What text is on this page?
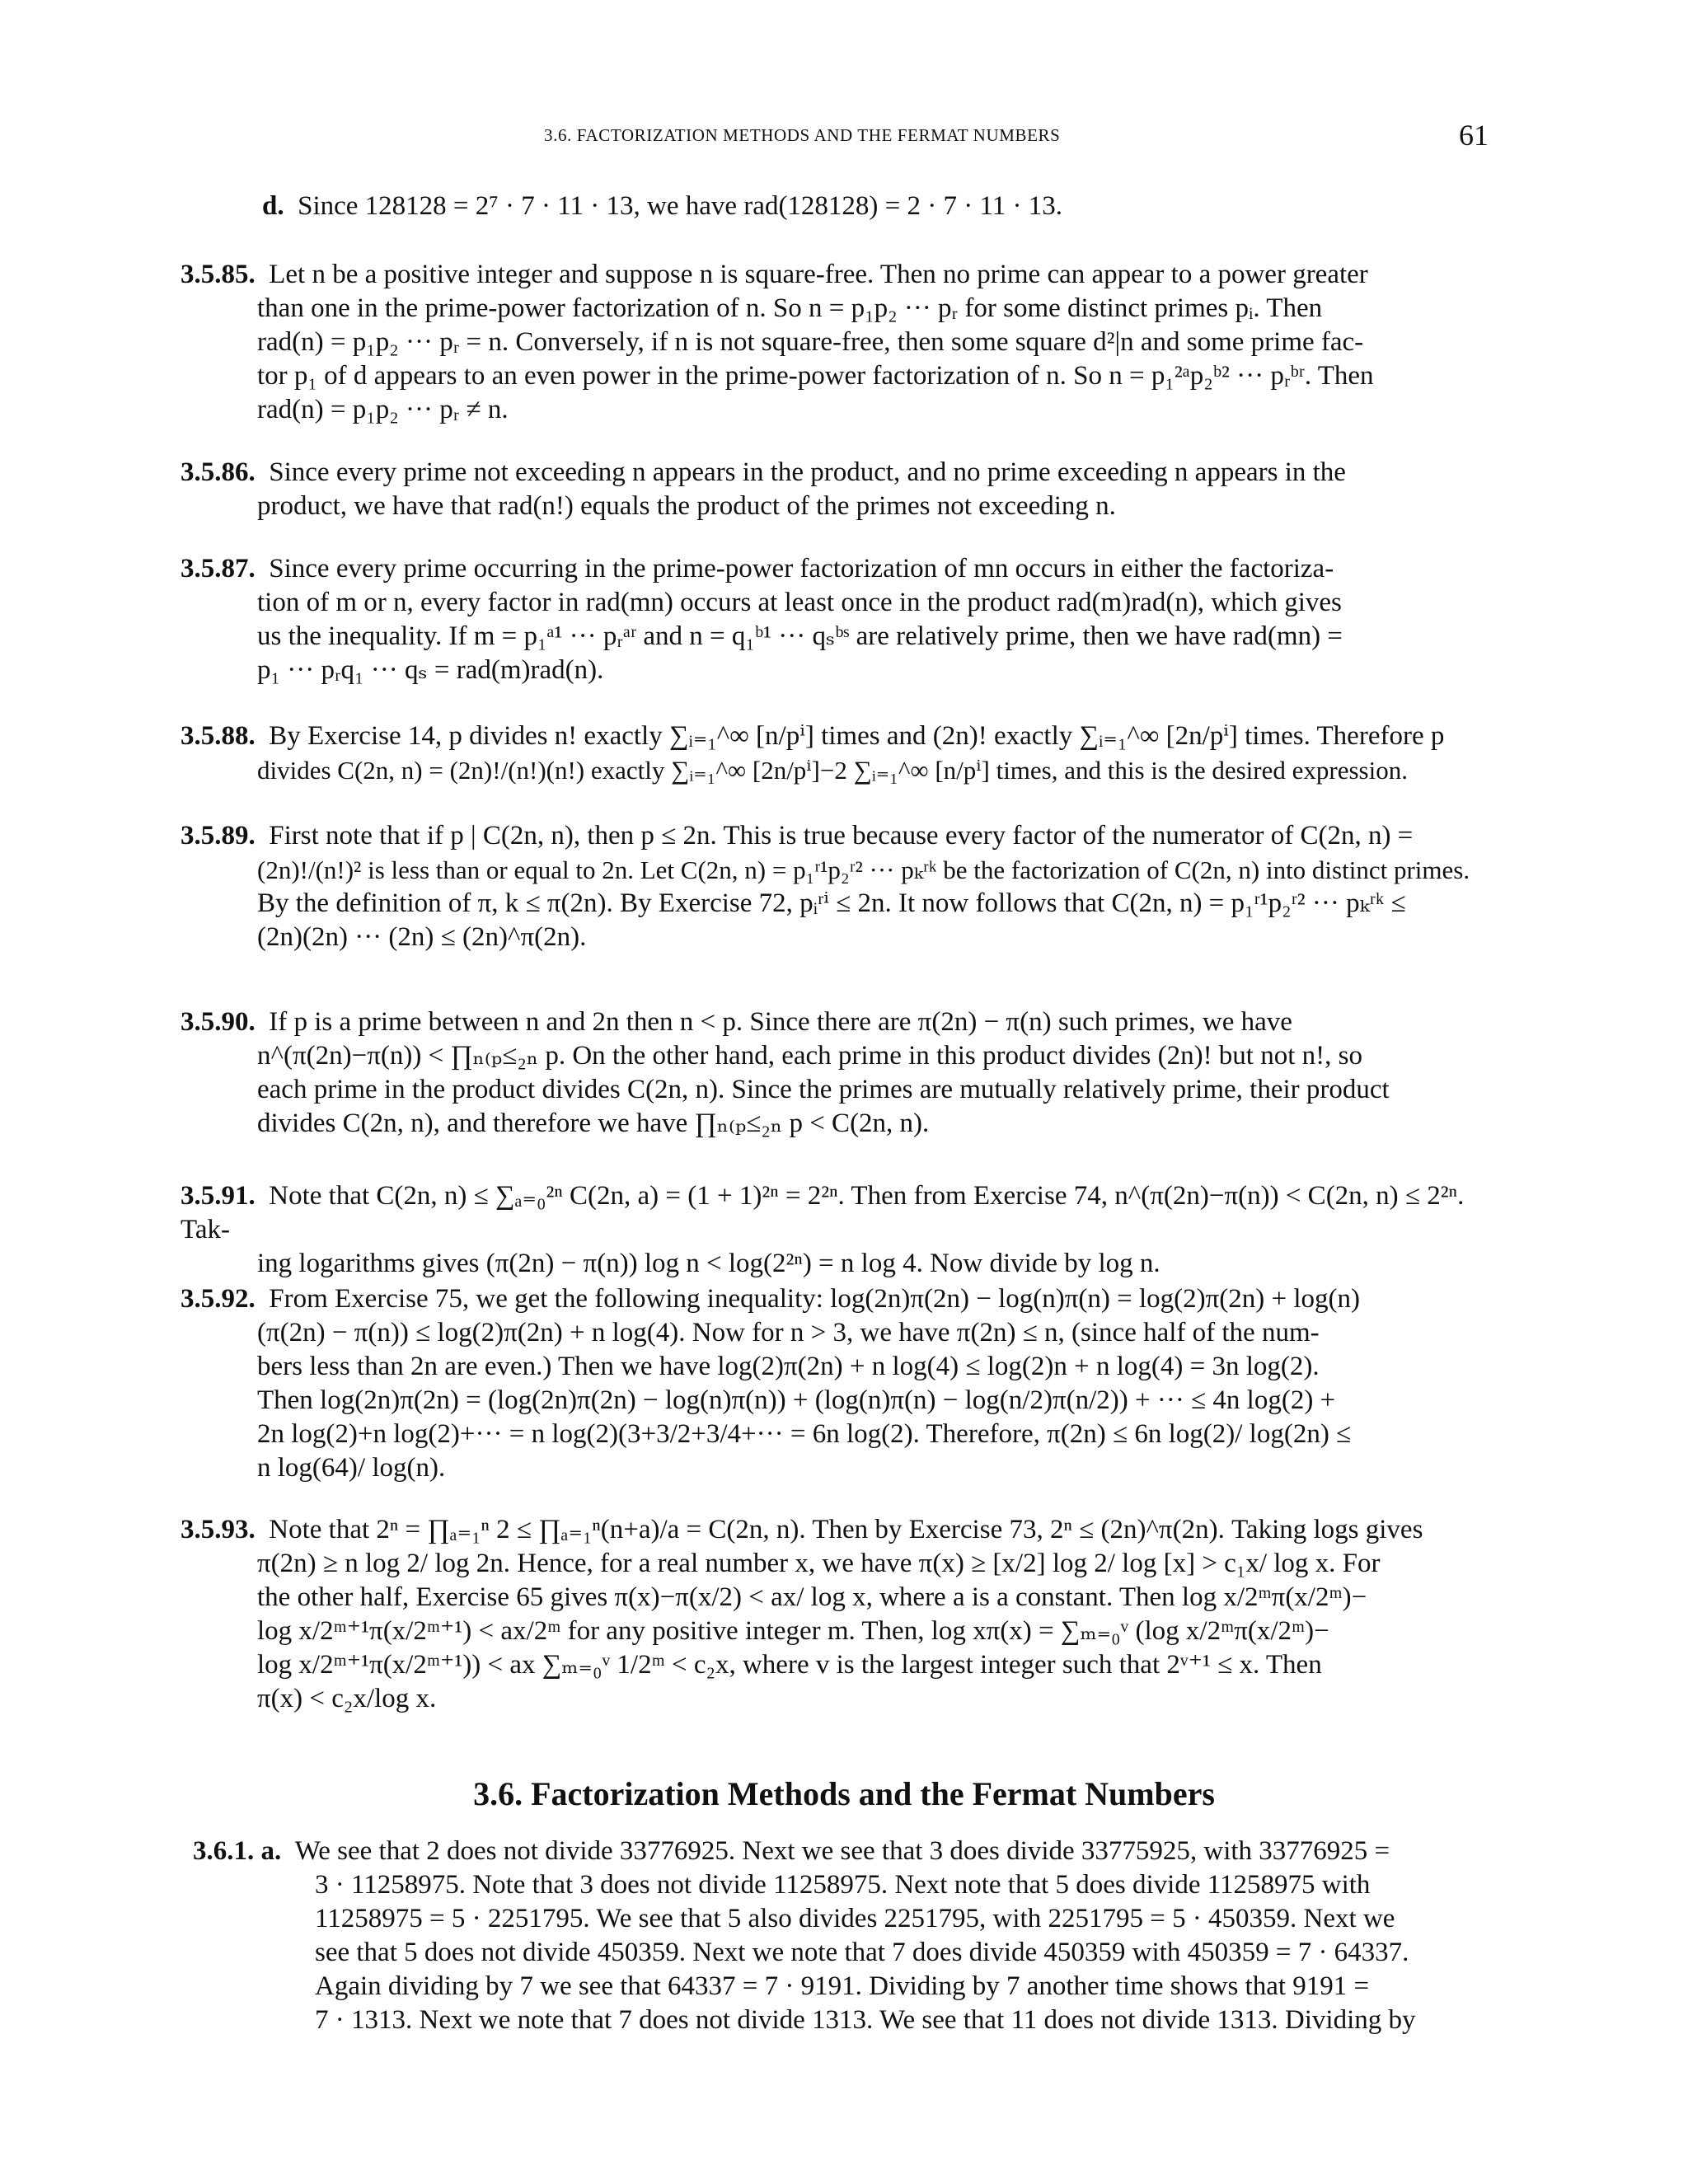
3.6. FACTORIZATION METHODS AND THE FERMAT NUMBERS	61
d. Since 128128 = 2⁷ · 7 · 11 · 13, we have rad(128128) = 2 · 7 · 11 · 13.
3.5.85. Let n be a positive integer and suppose n is square-free. Then no prime can appear to a power greater
than one in the prime-power factorization of n. So n = p₁p₂ ··· pᵣ for some distinct primes pᵢ. Then
rad(n) = p₁p₂ ··· pᵣ = n. Conversely, if n is not square-free, then some square d²|n and some prime fac-
tor p₁ of d appears to an even power in the prime-power factorization of n. So n = p₁²ᵃp₂ᵇ² ··· pᵣᵇʳ. Then
rad(n) = p₁p₂ ··· pᵣ ≠ n.
3.5.86. Since every prime not exceeding n appears in the product, and no prime exceeding n appears in the
product, we have that rad(n!) equals the product of the primes not exceeding n.
3.5.87. Since every prime occurring in the prime-power factorization of mn occurs in either the factoriza-
tion of m or n, every factor in rad(mn) occurs at least once in the product rad(m)rad(n), which gives
us the inequality. If m = p₁ᵃ¹ ··· pᵣᵃʳ and n = q₁ᵇ¹ ··· qₛᵇˢ are relatively prime, then we have rad(mn) =
p₁ ··· pᵣq₁ ··· qₛ = rad(m)rad(n).
3.5.88. By Exercise 14, p divides n! exactly ∑ᵢ₌₁^∞ [n/pⁱ] times and (2n)! exactly ∑ᵢ₌₁^∞ [2n/pⁱ] times. Therefore p
divides C(2n, n) = (2n)!/(n!)(n!) exactly ∑ᵢ₌₁^∞ [2n/pⁱ]−2 ∑ᵢ₌₁^∞ [n/pⁱ] times, and this is the desired expression.
3.5.89. First note that if p | C(2n, n), then p ≤ 2n. This is true because every factor of the numerator of C(2n, n) =
(2n)!/(n!)² is less than or equal to 2n. Let C(2n, n) = p₁ʳ¹p₂ʳ² ··· pₖʳᵏ be the factorization of C(2n, n) into distinct primes.
By the definition of π, k ≤ π(2n). By Exercise 72, pᵢʳⁱ ≤ 2n. It now follows that C(2n, n) = p₁ʳ¹p₂ʳ² ··· pₖʳᵏ ≤
(2n)(2n) ··· (2n) ≤ (2n)^π(2n).
3.5.90. If p is a prime between n and 2n then n < p. Since there are π(2n) − π(n) such primes, we have
n^(π(2n)−π(n)) < ∏ₙ₍ₚ≤₂ₙ p. On the other hand, each prime in this product divides (2n)! but not n!, so
each prime in the product divides C(2n, n). Since the primes are mutually relatively prime, their product
divides C(2n, n), and therefore we have ∏ₙ₍ₚ≤₂ₙ p < C(2n, n).
3.5.91. Note that C(2n, n) ≤ ∑ₐ₌₀²ⁿ C(2n, a) = (1 + 1)²ⁿ = 2²ⁿ. Then from Exercise 74, n^(π(2n)−π(n)) < C(2n, n) ≤ 2²ⁿ. Tak-
ing logarithms gives (π(2n) − π(n)) log n < log(2²ⁿ) = n log 4. Now divide by log n.
3.5.92. From Exercise 75, we get the following inequality: log(2n)π(2n) − log(n)π(n) = log(2)π(2n) + log(n)
(π(2n) − π(n)) ≤ log(2)π(2n) + n log(4). Now for n > 3, we have π(2n) ≤ n, (since half of the num-
bers less than 2n are even.) Then we have log(2)π(2n) + n log(4) ≤ log(2)n + n log(4) = 3n log(2).
Then log(2n)π(2n) = (log(2n)π(2n) − log(n)π(n)) + (log(n)π(n) − log(n/2)π(n/2)) + ··· ≤ 4n log(2) +
2n log(2)+n log(2)+··· = n log(2)(3+3/2+3/4+··· = 6n log(2). Therefore, π(2n) ≤ 6n log(2)/ log(2n) ≤
n log(64)/ log(n).
3.5.93. Note that 2ⁿ = ∏ₐ₌₁ⁿ 2 ≤ ∏ₐ₌₁ⁿ(n+a)/a = C(2n, n). Then by Exercise 73, 2ⁿ ≤ (2n)^π(2n). Taking logs gives
π(2n) ≥ n log 2/ log 2n. Hence, for a real number x, we have π(x) ≥ [x/2] log 2/ log [x] > c₁x/ log x. For
the other half, Exercise 65 gives π(x)−π(x/2) < ax/ log x, where a is a constant. Then log x/2ᵐπ(x/2ᵐ)−
log x/2ᵐ⁺¹π(x/2ᵐ⁺¹) < ax/2ᵐ for any positive integer m. Then, log xπ(x) = ∑ₘ₌₀ᵛ (log x/2ᵐπ(x/2ᵐ)−
log x/2ᵐ⁺¹π(x/2ᵐ⁺¹)) < ax ∑ₘ₌₀ᵛ 1/2ᵐ < c₂x, where v is the largest integer such that 2ᵛ⁺¹ ≤ x. Then
π(x) < c₂x/log x.
3.6. Factorization Methods and the Fermat Numbers
3.6.1. a. We see that 2 does not divide 33776925. Next we see that 3 does divide 33775925, with 33776925 =
3 · 11258975. Note that 3 does not divide 11258975. Next note that 5 does divide 11258975 with
11258975 = 5 · 2251795. We see that 5 also divides 2251795, with 2251795 = 5 · 450359. Next we
see that 5 does not divide 450359. Next we note that 7 does divide 450359 with 450359 = 7 · 64337.
Again dividing by 7 we see that 64337 = 7 · 9191. Dividing by 7 another time shows that 9191 =
7 · 1313. Next we note that 7 does not divide 1313. We see that 11 does not divide 1313. Dividing by
